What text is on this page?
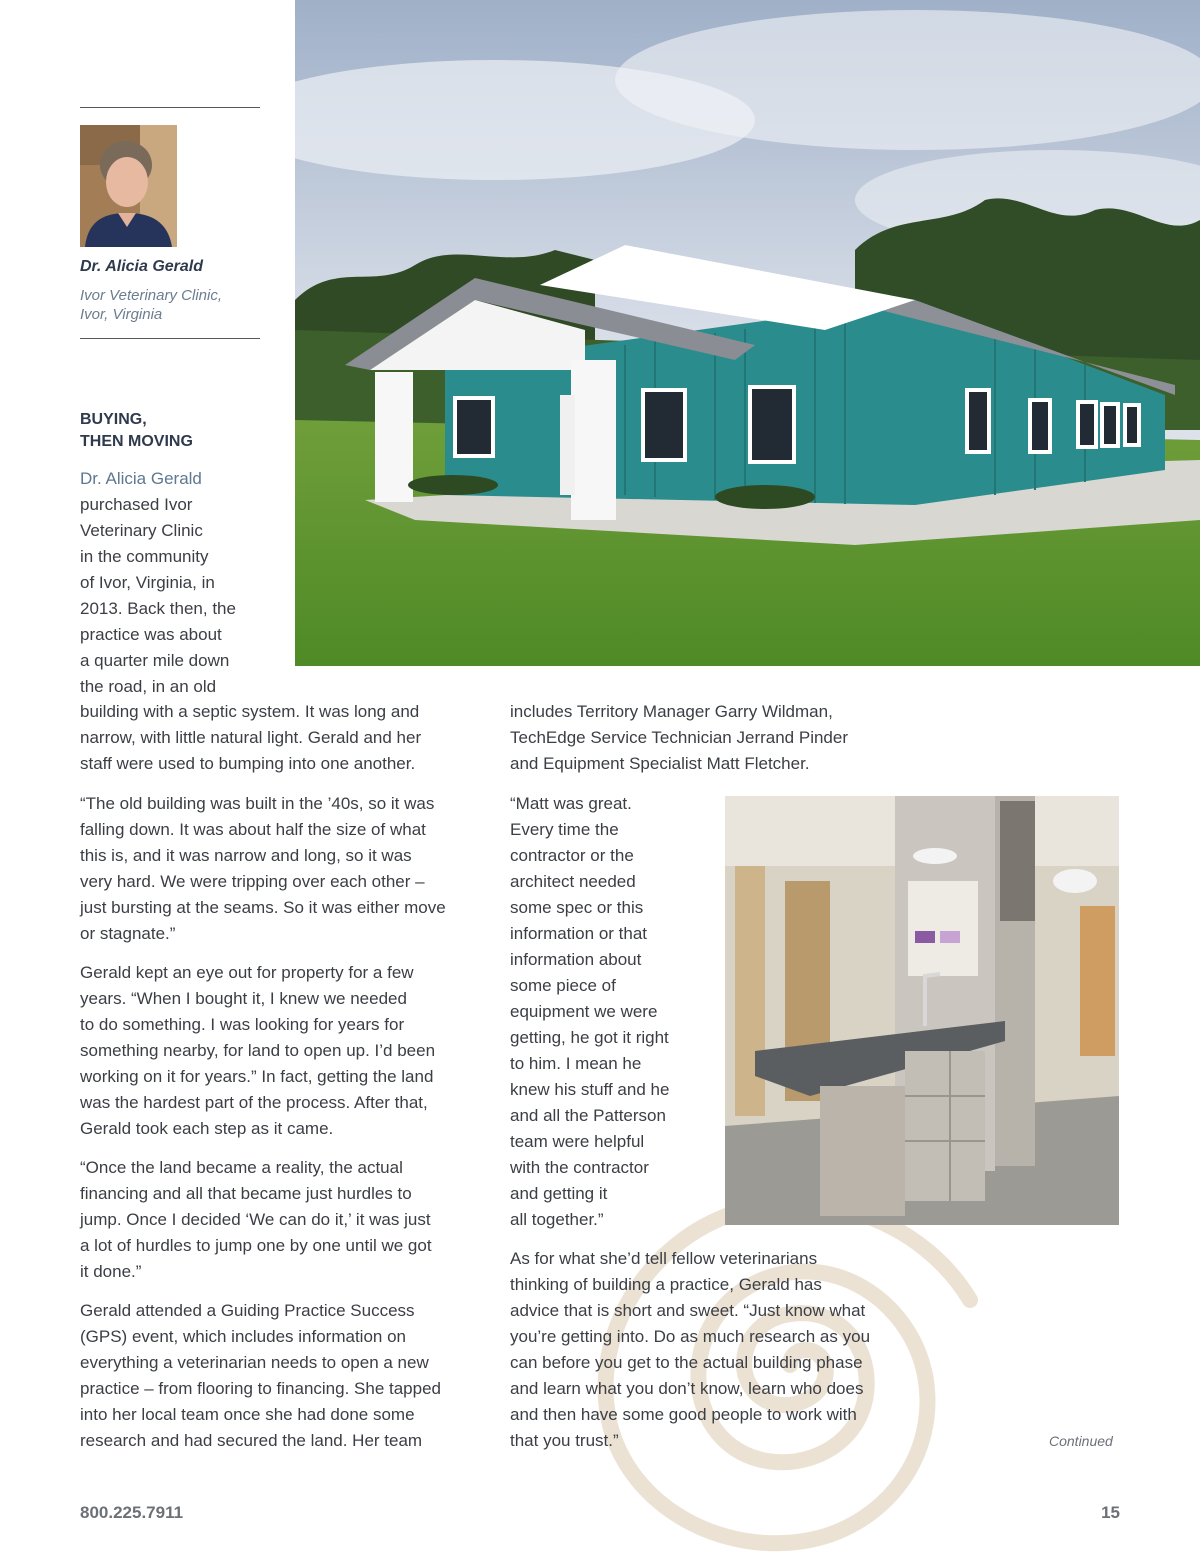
Dr. Alicia Gerald
Ivor Veterinary Clinic,
Ivor, Virginia
BUYING,
THEN MOVING
Dr. Alicia Gerald
purchased Ivor
Veterinary Clinic
in the community
of Ivor, Virginia, in
2013. Back then, the
practice was about
a quarter mile down
the road, in an old
building with a septic system. It was long and
narrow, with little natural light. Gerald and her
staff were used to bumping into one another.
“The old building was built in the ’40s, so it was
falling down. It was about half the size of what
this is, and it was narrow and long, so it was
very hard. We were tripping over each other –
just bursting at the seams. So it was either move
or stagnate.”
Gerald kept an eye out for property for a few
years. “When I bought it, I knew we needed
to do something. I was looking for years for
something nearby, for land to open up. I’d been
working on it for years.” In fact, getting the land
was the hardest part of the process. After that,
Gerald took each step as it came.
“Once the land became a reality, the actual
financing and all that became just hurdles to
jump. Once I decided ‘We can do it,’ it was just
a lot of hurdles to jump one by one until we got
it done.”
Gerald attended a Guiding Practice Success
(GPS) event, which includes information on
everything a veterinarian needs to open a new
practice – from flooring to financing. She tapped
into her local team once she had done some
research and had secured the land. Her team
includes Territory Manager Garry Wildman,
TechEdge Service Technician Jerrand Pinder
and Equipment Specialist Matt Fletcher.
“Matt was great.
Every time the
contractor or the
architect needed
some spec or this
information or that
information about
some piece of
equipment we were
getting, he got it right
to him. I mean he
knew his stuff and he
and all the Patterson
team were helpful
with the contractor
and getting it
all together.”
As for what she’d tell fellow veterinarians
thinking of building a practice, Gerald has
advice that is short and sweet. “Just know what
you’re getting into. Do as much research as you
can before you get to the actual building phase
and learn what you don’t know, learn who does
and then have some good people to work with
that you trust.”	Continued
800.225.7911	15
